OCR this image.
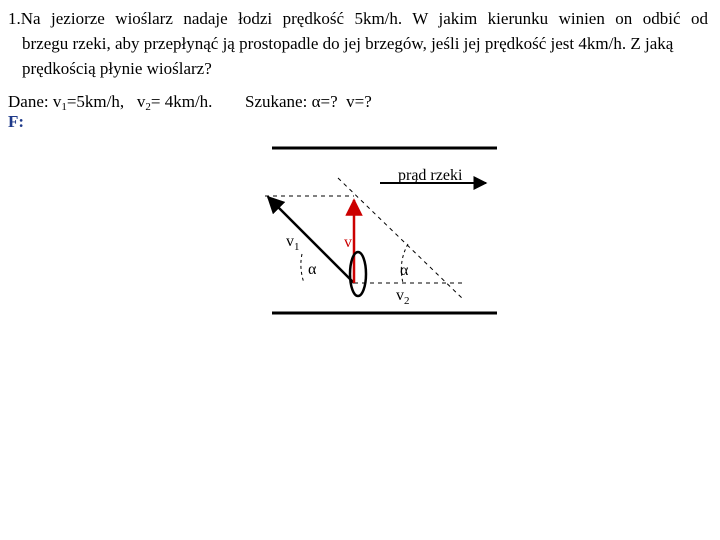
1.Na jeziorze wioślarz nadaje łodzi prędkość 5km/h. W jakim kierunku winien on odbić od
brzegu rzeki, aby przepłynąć ją prostopadle do jej brzegów, jeśli jej prędkość jest 4km/h. Z jaką
prędkością płynie wioślarz?
Dane: $v_1=5km/h$, $v_2= 4km/h$. Szukane: α=? v=?
F:
prąd rzeki
$v_1$	v
α	α
$v_2$
